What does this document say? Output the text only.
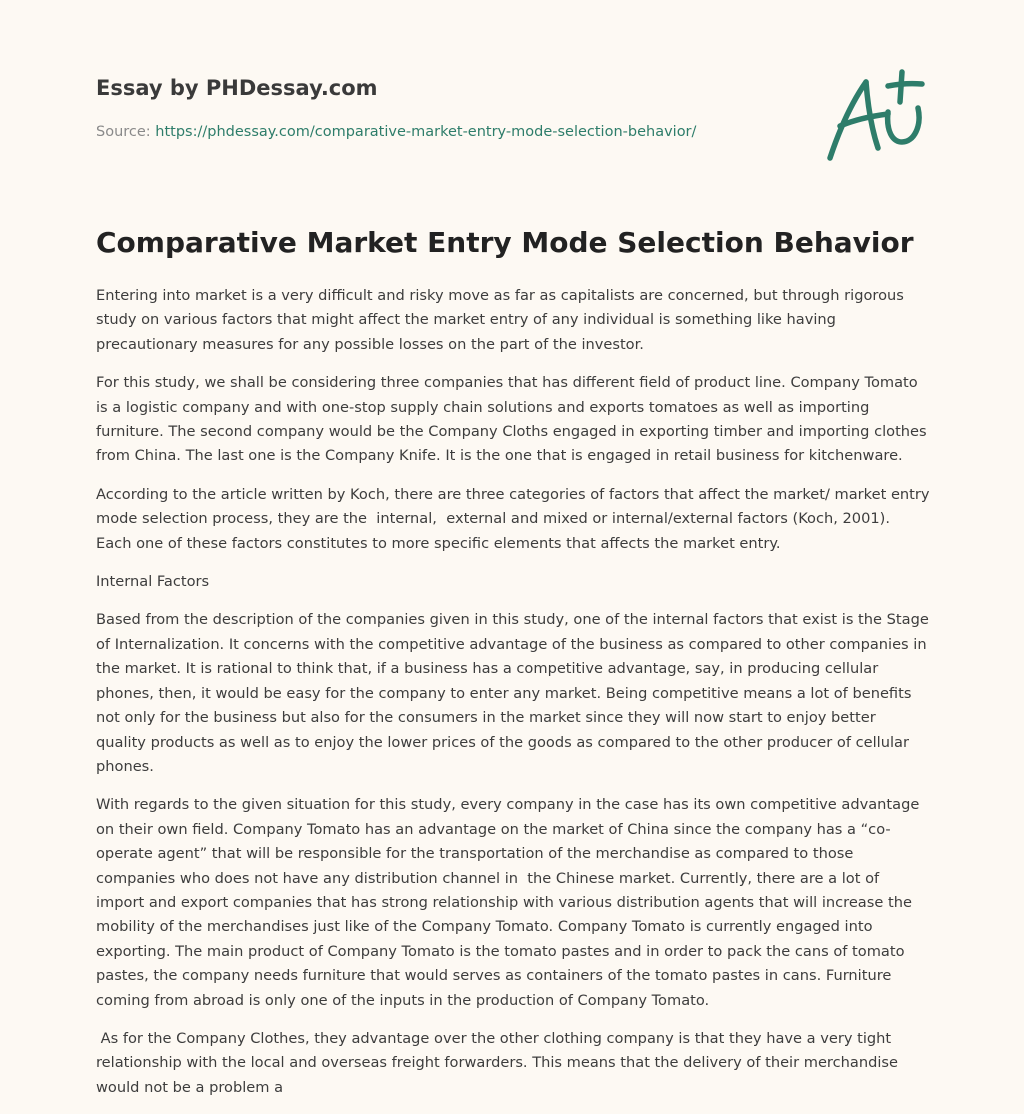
Essay by PHDessay.com
Source: https://phdessay.com/comparative-market-entry-mode-selection-behavior/
Comparative Market Entry Mode Selection Behavior

Entering into market is a very difficult and risky move as far as capitalists are concerned, but through rigorous study on various factors that might affect the market entry of any individual is something like having precautionary measures for any possible losses on the part of the investor.

For this study, we shall be considering three companies that has different field of product line. Company Tomato is a logistic company and with one-stop supply chain solutions and exports tomatoes as well as importing furniture. The second company would be the Company Cloths engaged in exporting timber and importing clothes from China. The last one is the Company Knife. It is the one that is engaged in retail business for kitchenware.

According to the article written by Koch, there are three categories of factors that affect the market/ market entry mode selection process, they are the  internal,  external and mixed or internal/external factors (Koch, 2001). Each one of these factors constitutes to more specific elements that affects the market entry.

Internal Factors

Based from the description of the companies given in this study, one of the internal factors that exist is the Stage of Internalization. It concerns with the competitive advantage of the business as compared to other companies in the market. It is rational to think that, if a business has a competitive advantage, say, in producing cellular phones, then, it would be easy for the company to enter any market. Being competitive means a lot of benefits not only for the business but also for the consumers in the market since they will now start to enjoy better quality products as well as to enjoy the lower prices of the goods as compared to the other producer of cellular phones.

With regards to the given situation for this study, every company in the case has its own competitive advantage on their own field. Company Tomato has an advantage on the market of China since the company has a “co-operate agent” that will be responsible for the transportation of the merchandise as compared to those companies who does not have any distribution channel in  the Chinese market. Currently, there are a lot of import and export companies that has strong relationship with various distribution agents that will increase the mobility of the merchandises just like of the Company Tomato. Company Tomato is currently engaged into exporting. The main product of Company Tomato is the tomato pastes and in order to pack the cans of tomato pastes, the company needs furniture that would serves as containers of the tomato pastes in cans. Furniture coming from abroad is only one of the inputs in the production of Company Tomato.

As for the Company Clothes, they advantage over the other clothing company is that they have a very tight relationship with the local and overseas freight forwarders. This means that the delivery of their merchandise would not be a problem a
